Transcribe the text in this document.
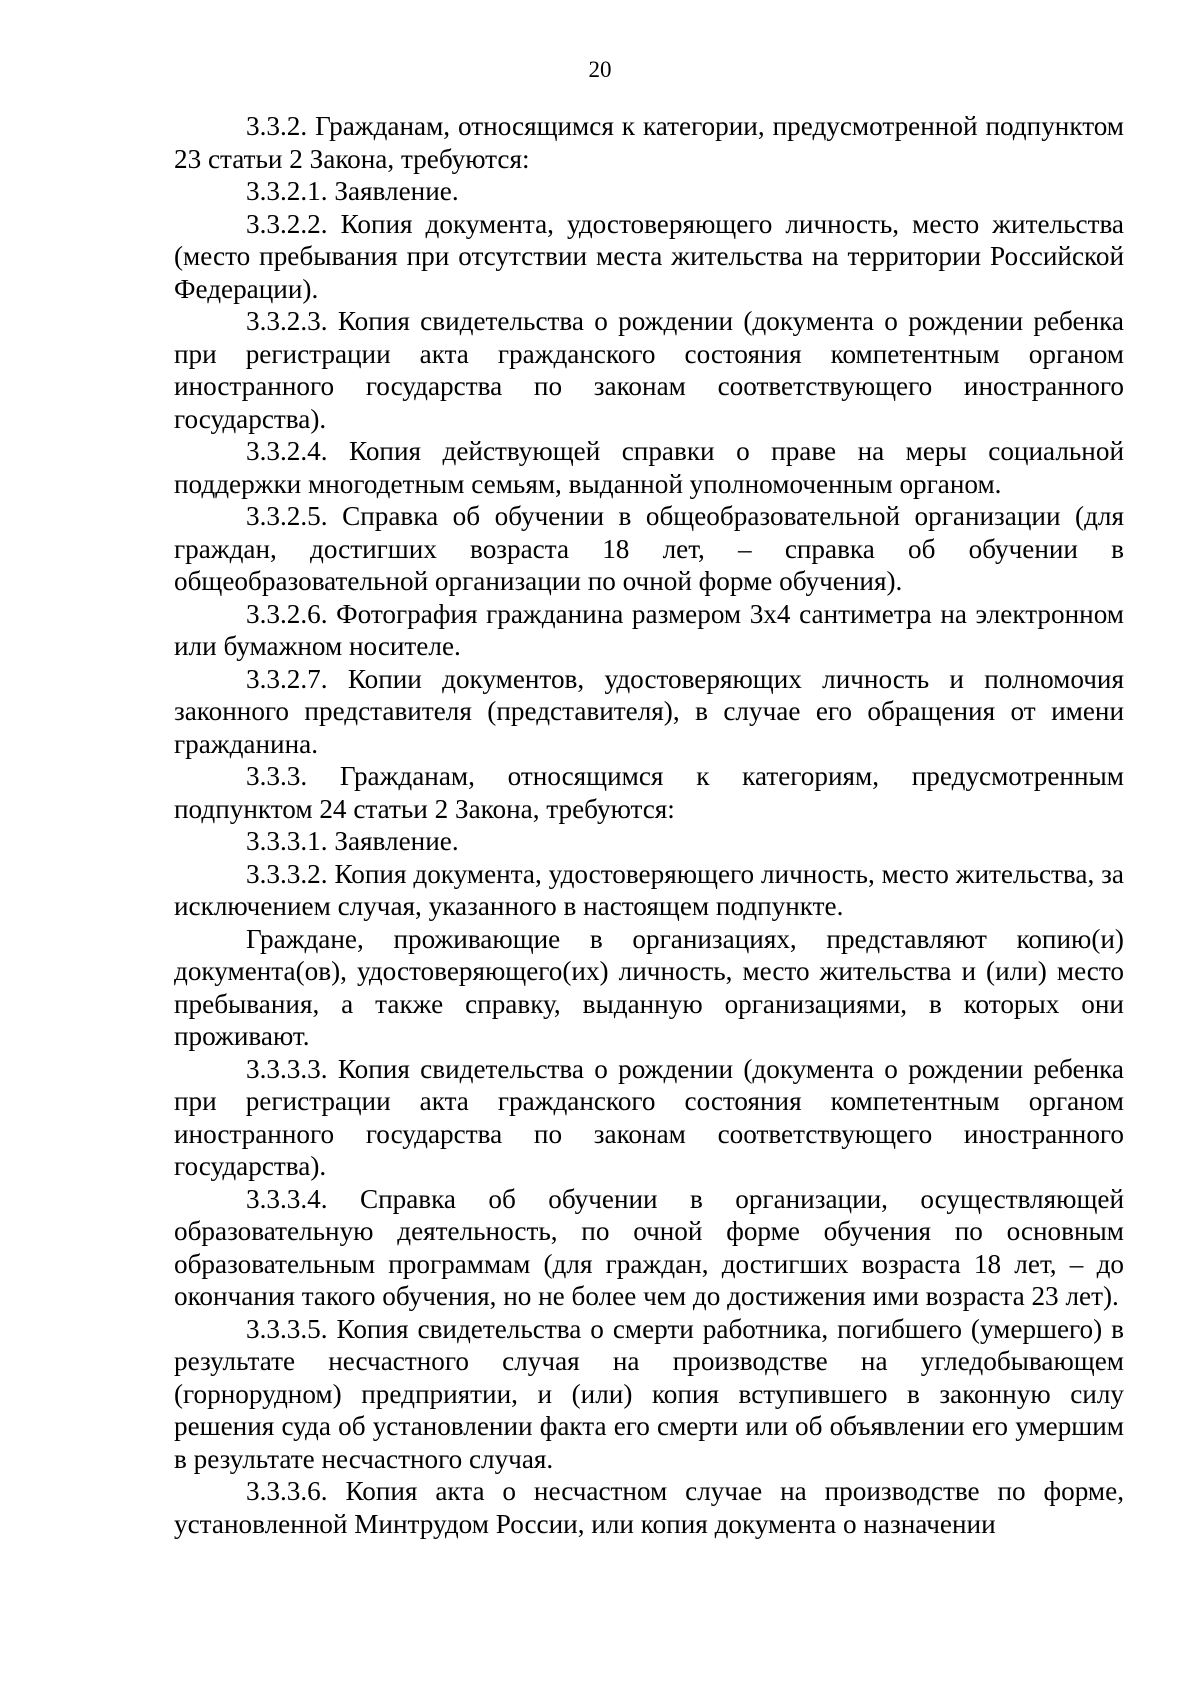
20

3.3.2. Гражданам, относящимся к категории, предусмотренной подпунктом 23 статьи 2 Закона, требуются:

3.3.2.1. Заявление.

3.3.2.2. Копия документа, удостоверяющего личность, место жительства (место пребывания при отсутствии места жительства на территории Российской Федерации).

3.3.2.3. Копия свидетельства о рождении (документа о рождении ребенка при регистрации акта гражданского состояния компетентным органом иностранного государства по законам соответствующего иностранного государства).

3.3.2.4. Копия действующей справки о праве на меры социальной поддержки многодетным семьям, выданной уполномоченным органом.

3.3.2.5. Справка об обучении в общеобразовательной организации (для граждан, достигших возраста 18 лет, – справка об обучении в общеобразовательной организации по очной форме обучения).

3.3.2.6. Фотография гражданина размером 3х4 сантиметра на электронном или бумажном носителе.

3.3.2.7. Копии документов, удостоверяющих личность и полномочия законного представителя (представителя), в случае его обращения от имени гражданина.

3.3.3. Гражданам, относящимся к категориям, предусмотренным подпунктом 24 статьи 2 Закона, требуются:

3.3.3.1. Заявление.

3.3.3.2. Копия документа, удостоверяющего личность, место жительства, за исключением случая, указанного в настоящем подпункте.

Граждане, проживающие в организациях, представляют копию(и) документа(ов), удостоверяющего(их) личность, место жительства и (или) место пребывания, а также справку, выданную организациями, в которых они проживают.

3.3.3.3. Копия свидетельства о рождении (документа о рождении ребенка при регистрации акта гражданского состояния компетентным органом иностранного государства по законам соответствующего иностранного государства).

3.3.3.4. Справка об обучении в организации, осуществляющей образовательную деятельность, по очной форме обучения по основным образовательным программам (для граждан, достигших возраста 18 лет, – до окончания такого обучения, но не более чем до достижения ими возраста 23 лет).

3.3.3.5. Копия свидетельства о смерти работника, погибшего (умершего) в результате несчастного случая на производстве на угледобывающем (горнорудном) предприятии, и (или) копия вступившего в законную силу решения суда об установлении факта его смерти или об объявлении его умершим в результате несчастного случая.

3.3.3.6. Копия акта о несчастном случае на производстве по форме, установленной Минтрудом России, или копия документа о назначении
